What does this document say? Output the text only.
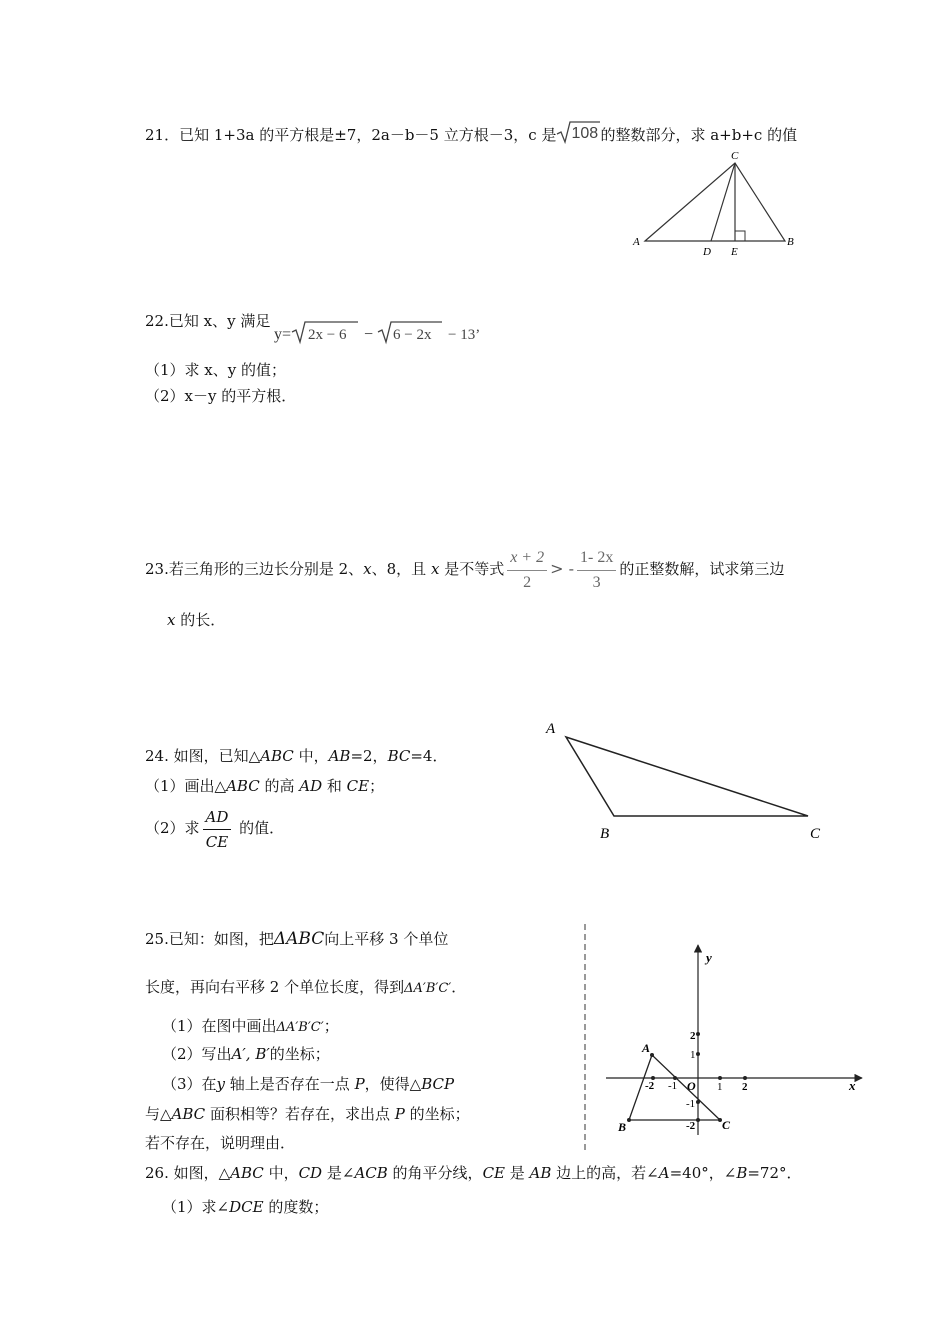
21．已知 1+3a 的平方根是±7，2a－b－5 立方根－3，c 是 108 的整数部分，求 a+b+c 的值
C
A
D E
B
22.已知 x、y 满足
y= 2x − 6 − 6 − 2x − 13’
（1）求 x、y 的值；
（2）x－y 的平方根．
23.若三角形的三边长分别是 2、x、8，且 x 是不等式 $\frac{x + 2}{2}$ > - $\frac{1- 2x}{3}$ 的正整数解，试求第三边
x 的长．
24. 如图，已知△ABC 中，AB=2，BC=4．
（1）画出△ABC 的高 AD 和 CE；
（2）求 $\frac{AD}{CE}$ 的值．
A
B	C
25.已知：如图，把ΔABC向上平移 3 个单位
长度，再向右平移 2 个单位长度，得到ΔA′B′C′．
（1）在图中画出ΔA′B′C′；
（2）写出A′, B′的坐标；
（3）在y 轴上是否存在一点 P，使得△BCP
与△ABC 面积相等？若存在，求出点 P 的坐标；
若不存在，说明理由．
y
x
O
2
1
-1
-2
-2 -1	1 2
A
B	C
26. 如图，△ABC 中，CD 是∠ACB 的角平分线，CE 是 AB 边上的高，若∠A=40°，∠B=72°．
（1）求∠DCE 的度数；
